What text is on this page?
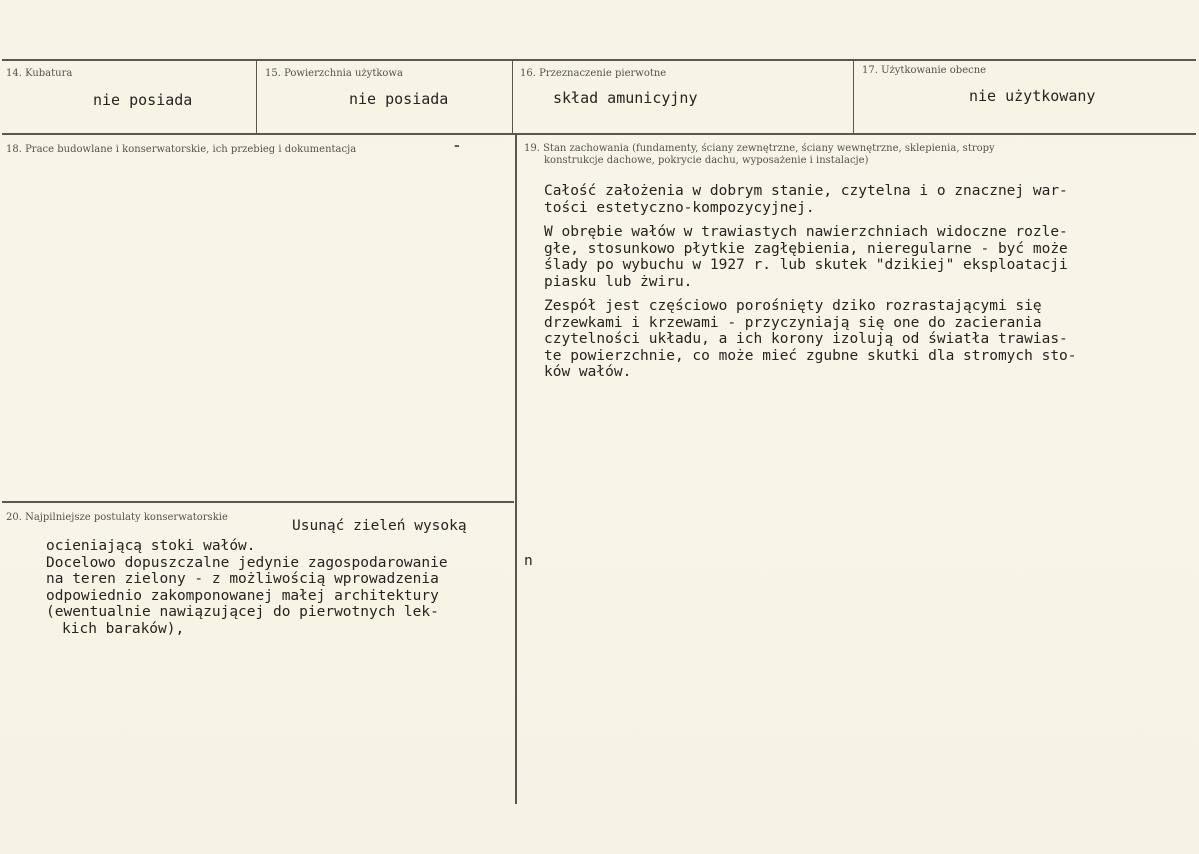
14. Kubatura
nie posiada
15. Powierzchnia użytkowa
nie posiada
16. Przeznaczenie pierwotne
skład amunicyjny
17. Użytkowanie obecne
nie użytkowany
18. Prace budowlane i konserwatorskie, ich przebieg i dokumentacja	-	19. Stan zachowania (fundamenty, ściany zewnętrzne, ściany wewnętrzne, sklepienia, stropy
konstrukcje dachowe, pokrycie dachu, wyposażenie i instalacje)
Całość założenia w dobrym stanie, czytelna i o znacznej war-
tości estetyczno-kompozycyjnej.
W obrębie wałów w trawiastych nawierzchniach widoczne rozle-
głe, stosunkowo płytkie zagłębienia, nieregularne - być może
ślady po wybuchu w 1927 r. lub skutek "dzikiej" eksploatacji
piasku lub żwiru.
Zespół jest częściowo porośnięty dziko rozrastającymi się
drzewkami i krzewami - przyczyniają się one do zacierania
czytelności układu, a ich korony izolują od światła trawias-
te powierzchnie, co może mieć zgubne skutki dla stromych sto-
ków wałów.
20. Najpilniejsze postulaty konserwatorskie
Usunąć zieleń wysoką
ocieniającą stoki wałów.
Docelowo dopuszczalne jedynie zagospodarowanie
na teren zielony - z możliwością wprowadzenia
odpowiednio zakomponowanej małej architektury
(ewentualnie nawiązującej do pierwotnych lek-
kich baraków),
n
